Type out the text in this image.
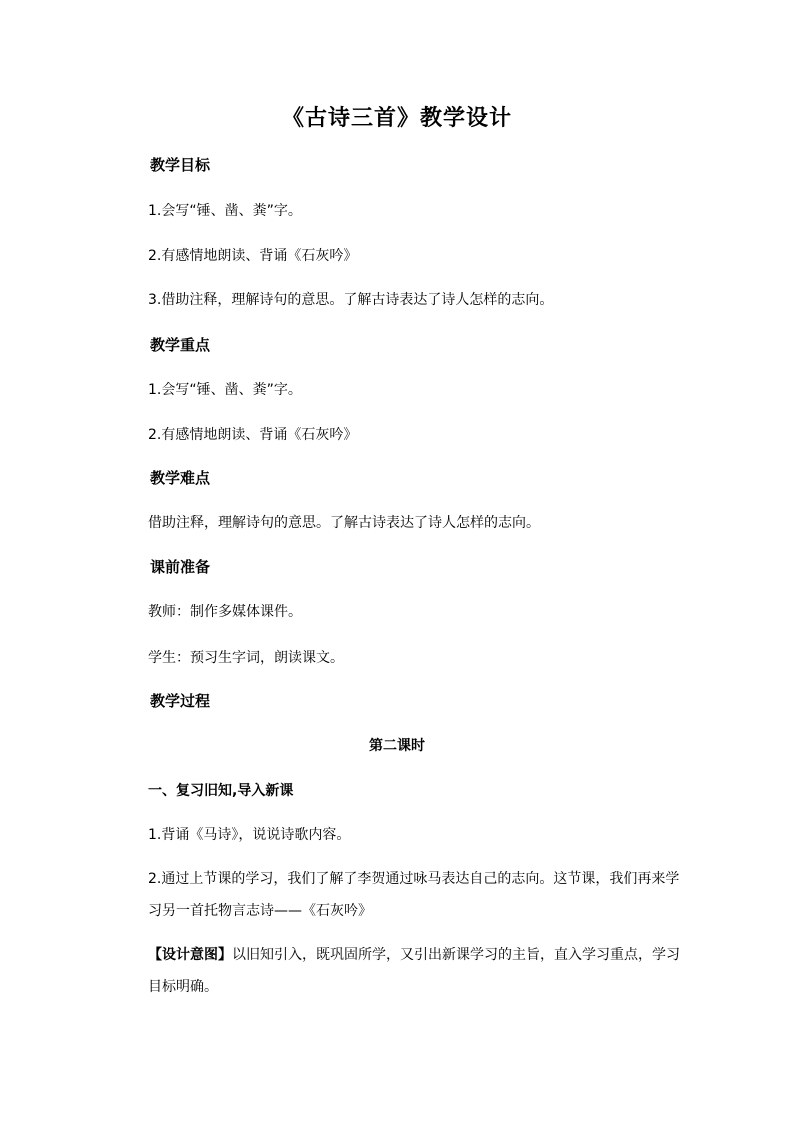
《古诗三首》教学设计
教学目标
1.会写“锤、凿、粪”字。
2.有感情地朗读、背诵《石灰吟》
3.借助注释，理解诗句的意思。了解古诗表达了诗人怎样的志向。
教学重点
1.会写“锤、凿、粪”字。
2.有感情地朗读、背诵《石灰吟》
教学难点
借助注释，理解诗句的意思。了解古诗表达了诗人怎样的志向。
课前准备
教师：制作多媒体课件。
学生：预习生字词，朗读课文。
教学过程
第二课时
一、复习旧知,导入新课
1.背诵《马诗》，说说诗歌内容。
2.通过上节课的学习，我们了解了李贺通过咏马表达自己的志向。这节课，我们再来学
习另一首托物言志诗——《石灰吟》
【设计意图】以旧知引入，既巩固所学，又引出新课学习的主旨，直入学习重点，学习
目标明确。
